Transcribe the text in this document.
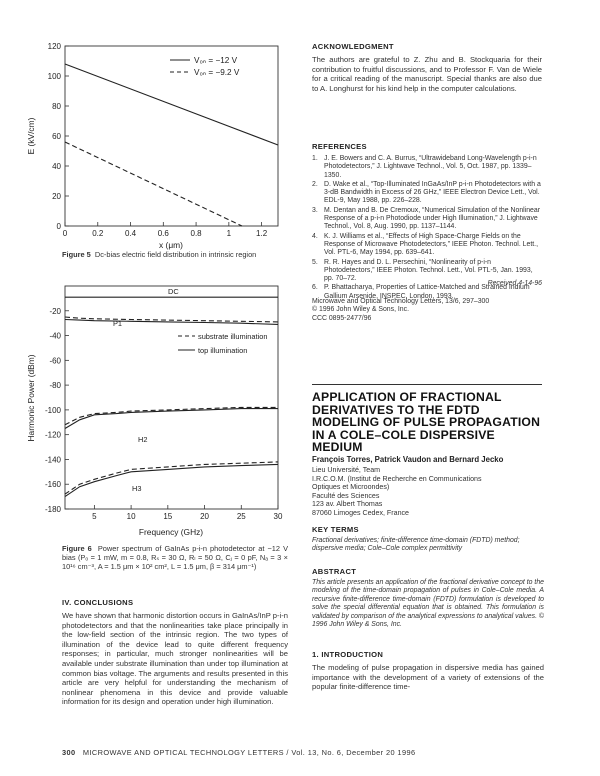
0	0.2	0.4	0.6	0.8	1	1.2
0
20
40
60
80
100
120
V₀ₙ = −12 V
V₀ₙ = −9.2 V
x (μm)
E (kV/cm)
Figure 5 Dc-bias electric field distribution in intrinsic region
5	10	15	20	25	30
-20
-40
-60
-80
-100
-120
-140
-160
-180
DC
P1
H2
H3
substrate illumination
top illumination
Frequency (GHz)
Harmonic Power (dBm)
Figure 6 Power spectrum of GaInAs p-i-n photodetector at −12 V bias (Pₒ = 1 mW, m = 0.8, Rₛ = 30 Ω, Rₗ = 50 Ω, Cⱼ = 0 pF, Nₐ = 3 × 10¹⁶ cm⁻³, A = 1.5 μm × 10² cm², L = 1.5 μm, β = 314 μm⁻¹)
IV. CONCLUSIONS
We have shown that harmonic distortion occurs in GaInAs/InP p-i-n photodetectors and that the nonlinearities take place principally in the low-field section of the intrinsic region. The two types of illumination of the device lead to quite different frequency responses; in particular, much stronger nonlinearities will be available under substrate illumination than under top illumination at common bias voltage. The arguments and results presented in this article are very helpful for understanding the mechanism of nonlinear phenomena in this device and provide valuable information for its design and operation under high illumination.
ACKNOWLEDGMENT
The authors are grateful to Z. Zhu and B. Stockquaria for their contribution to fruitful discussions, and to Professor F. Van de Wiele for a critical reading of the manuscript. Special thanks are also due to A. Longhurst for his kind help in the computer calculations.
REFERENCES
1. J. E. Bowers and C. A. Burrus, “Ultrawideband Long-Wavelength p-i-n Photodetectors,” J. Lightwave Technol., Vol. 5, Oct. 1987, pp. 1339–1350.
2. D. Wake et al., “Top-Illuminated InGaAs/InP p-i-n Photodetectors with a 3-dB Bandwidth in Excess of 26 GHz,” IEEE Electron Device Lett., Vol. EDL-9, May 1988, pp. 226–228.
3. M. Dentan and B. De Cremoux, “Numerical Simulation of the Nonlinear Response of a p-i-n Photodiode under High Illumination,” J. Lightwave Technol., Vol. 8, Aug. 1990, pp. 1137–1144.
4. K. J. Williams et al., “Effects of High Space-Charge Fields on the Response of Microwave Photodetectors,” IEEE Photon. Technol. Lett., Vol. PTL-6, May 1994, pp. 639–641.
5. R. R. Hayes and D. L. Persechini, “Nonlinearity of p-i-n Photodetectors,” IEEE Photon. Technol. Lett., Vol. PTL-5, Jan. 1993, pp. 70–72.
6. P. Bhattacharya, Properties of Lattice-Matched and Strained Indium Gallium Arsenide, INSPEC, London, 1993.
Received 4-14-96
Microwave and Optical Technology Letters, 13/6, 297–300
© 1996 John Wiley & Sons, Inc.
CCC 0895-2477/96
APPLICATION OF FRACTIONAL DERIVATIVES TO THE FDTD MODELING OF PULSE PROPAGATION IN A COLE–COLE DISPERSIVE MEDIUM
François Torres, Patrick Vaudon and Bernard Jecko
Lieu Université, Team
I.R.C.O.M. (Institut de Recherche en Communications
Optiques et Microondes)
Faculté des Sciences
123 av. Albert Thomas
87060 Limoges Cedex, France
KEY TERMS
Fractional derivatives; finite-difference time-domain (FDTD) method; dispersive media; Cole–Cole complex permittivity
ABSTRACT
This article presents an application of the fractional derivative concept to the modeling of the time-domain propagation of pulses in Cole–Cole media. A recursive finite-difference time-domain (FDTD) formulation is developed to solve the special differential equation that is obtained. This formulation is validated by comparison of the analytical expressions to analytical values. © 1996 John Wiley & Sons, Inc.
1. INTRODUCTION
The modeling of pulse propagation in dispersive media has gained importance with the development of a variety of extensions of the popular finite-difference time-
300 MICROWAVE AND OPTICAL TECHNOLOGY LETTERS / Vol. 13, No. 6, December 20 1996
